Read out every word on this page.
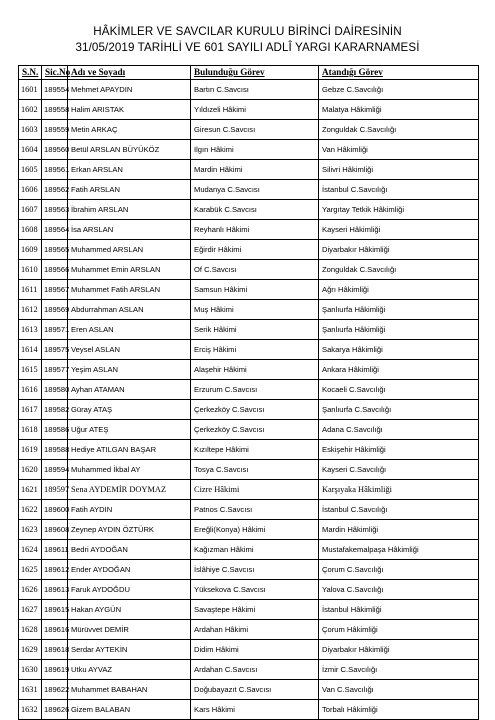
HÂKİMLER VE SAVCILAR KURULU BİRİNCİ DAİRESİNİN
31/05/2019 TARİHLİ VE 601 SAYILI ADLÎ YARGI KARARNAMESİ
S.N.	Sic.No	Adı ve Soyadı	Bulunduğu Görev	Atandığı Görev
1601	189554	Mehmet APAYDIN	Bartın C.Savcısı	Gebze C.Savcılığı
1602	189558	Halim ARISTAK	Yıldızeli Hâkimi	Malatya Hâkimliği
1603	189559	Metin ARKAÇ	Giresun C.Savcısı	Zonguldak C.Savcılığı
1604	189560	Betül ARSLAN BÜYÜKÖZ	Ilgın Hâkimi	Van Hâkimliği
1605	189561	Erkan ARSLAN	Mardin Hâkimi	Silivri Hâkimliği
1606	189562	Fatih ARSLAN	Mudanya C.Savcısı	İstanbul C.Savcılığı
1607	189563	İbrahim ARSLAN	Karabük C.Savcısı	Yargıtay Tetkik Hâkimliği
1608	189564	İsa ARSLAN	Reyhanlı Hâkimi	Kayseri Hâkimliği
1609	189565	Muhammed ARSLAN	Eğirdir Hâkimi	Diyarbakır Hâkimliği
1610	189566	Muhammet Emin ARSLAN	Of C.Savcısı	Zonguldak C.Savcılığı
1611	189567	Muhammet Fatih ARSLAN	Samsun Hâkimi	Ağrı Hâkimliği
1612	189569	Abdurrahman ASLAN	Muş Hâkimi	Şanlıurfa Hâkimliği
1613	189571	Eren ASLAN	Serik Hâkimi	Şanlıurfa Hâkimliği
1614	189575	Veysel ASLAN	Erciş Hâkimi	Sakarya Hâkimliği
1615	189577	Yeşim ASLAN	Alaşehir Hâkimi	Ankara Hâkimliği
1616	189580	Ayhan ATAMAN	Erzurum C.Savcısı	Kocaeli C.Savcılığı
1617	189582	Güray ATAŞ	Çerkezköy C.Savcısı	Şanlıurfa C.Savcılığı
1618	189586	Uğur ATEŞ	Çerkezköy C.Savcısı	Adana C.Savcılığı
1619	189588	Hediye ATILGAN BAŞAR	Kızıltepe Hâkimi	Eskişehir Hâkimliği
1620	189594	Muhammed İkbal AY	Tosya C.Savcısı	Kayseri C.Savcılığı
1621	189597	Sena AYDEMİR DOYMAZ	Cizre Hâkimi	Karşıyaka Hâkimliği
1622	189600	Fatih AYDIN	Patnos C.Savcısı	İstanbul C.Savcılığı
1623	189608	Zeynep AYDIN ÖZTÜRK	Ereğli(Konya) Hâkimi	Mardin Hâkimliği
1624	189611	Bedri AYDOĞAN	Kağızman Hâkimi	Mustafakemalpaşa Hâkimliği
1625	189612	Ender AYDOĞAN	İslâhiye C.Savcısı	Çorum C.Savcılığı
1626	189613	Faruk AYDOĞDU	Yüksekova C.Savcısı	Yalova C.Savcılığı
1627	189615	Hakan AYGÜN	Savaştepe Hâkimi	İstanbul Hâkimliği
1628	189616	Mürüvvet DEMİR	Ardahan Hâkimi	Çorum Hâkimliği
1629	189618	Serdar AYTEKİN	Didim Hâkimi	Diyarbakır Hâkimliği
1630	189619	Utku AYVAZ	Ardahan C.Savcısı	İzmir C.Savcılığı
1631	189622	Muhammet BABAHAN	Doğubayazıt C.Savcısı	Van C.Savcılığı
1632	189626	Gizem BALABAN	Kars Hâkimi	Torbalı Hâkimliği
